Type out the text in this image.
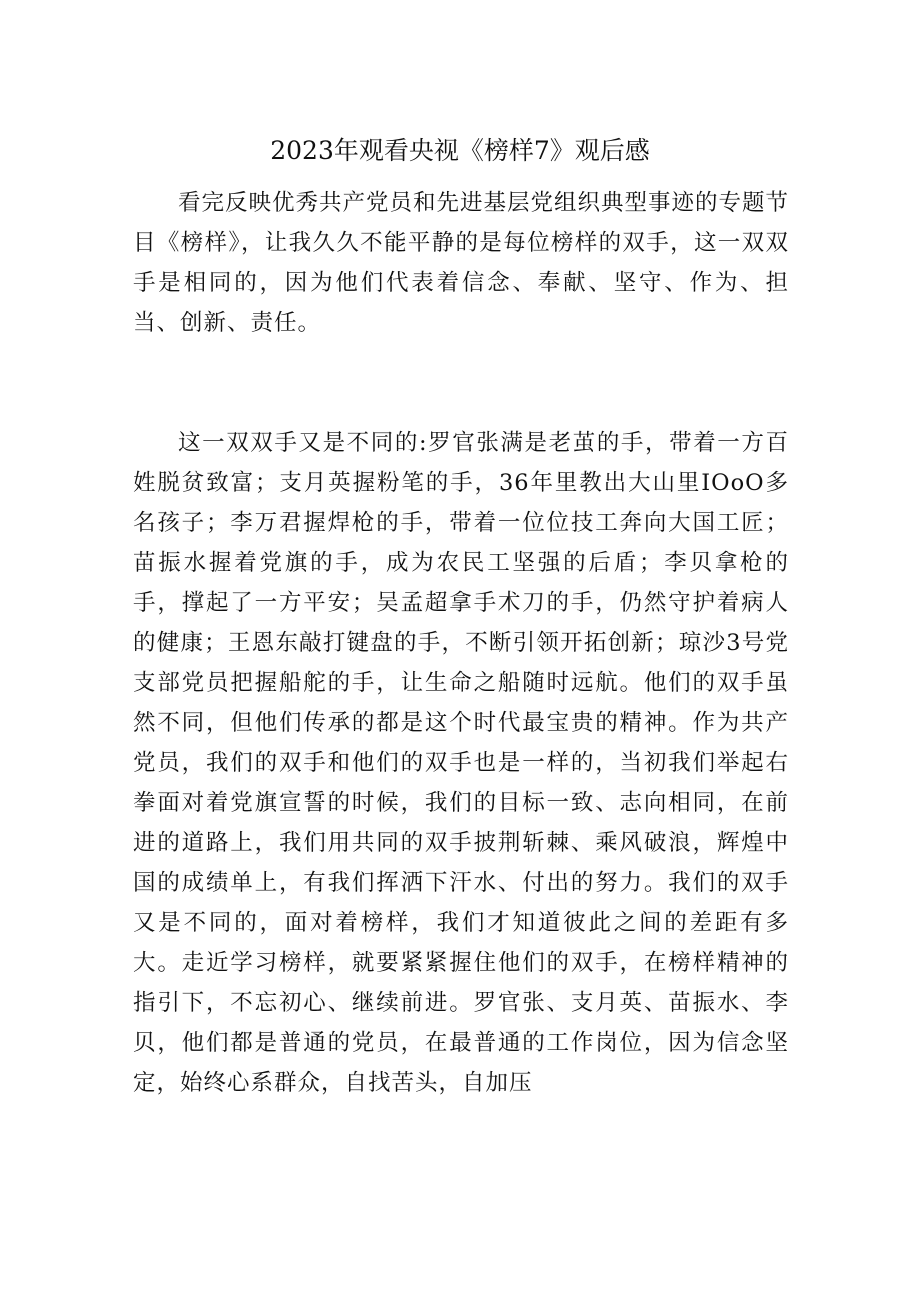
2023年观看央视《榜样7》观后感

看完反映优秀共产党员和先进基层党组织典型事迹的专题节目《榜样》，让我久久不能平静的是每位榜样的双手，这一双双手是相同的，因为他们代表着信念、奉献、坚守、作为、担当、创新、责任。

这一双双手又是不同的:罗官张满是老茧的手，带着一方百姓脱贫致富；支月英握粉笔的手，36年里教出大山里IOoO多名孩子；李万君握焊枪的手，带着一位位技工奔向大国工匠；苗振水握着党旗的手，成为农民工坚强的后盾；李贝拿枪的手，撑起了一方平安；吴孟超拿手术刀的手，仍然守护着病人的健康；王恩东敲打键盘的手，不断引领开拓创新；琼沙3号党支部党员把握船舵的手，让生命之船随时远航。他们的双手虽然不同，但他们传承的都是这个时代最宝贵的精神。作为共产党员，我们的双手和他们的双手也是一样的，当初我们举起右拳面对着党旗宣誓的时候，我们的目标一致、志向相同，在前进的道路上，我们用共同的双手披荆斩棘、乘风破浪，辉煌中国的成绩单上，有我们挥洒下汗水、付出的努力。我们的双手又是不同的，面对着榜样，我们才知道彼此之间的差距有多大。走近学习榜样，就要紧紧握住他们的双手，在榜样精神的指引下，不忘初心、继续前进。罗官张、支月英、苗振水、李贝，他们都是普通的党员，在最普通的工作岗位，因为信念坚定，始终心系群众，自找苦头，自加压
